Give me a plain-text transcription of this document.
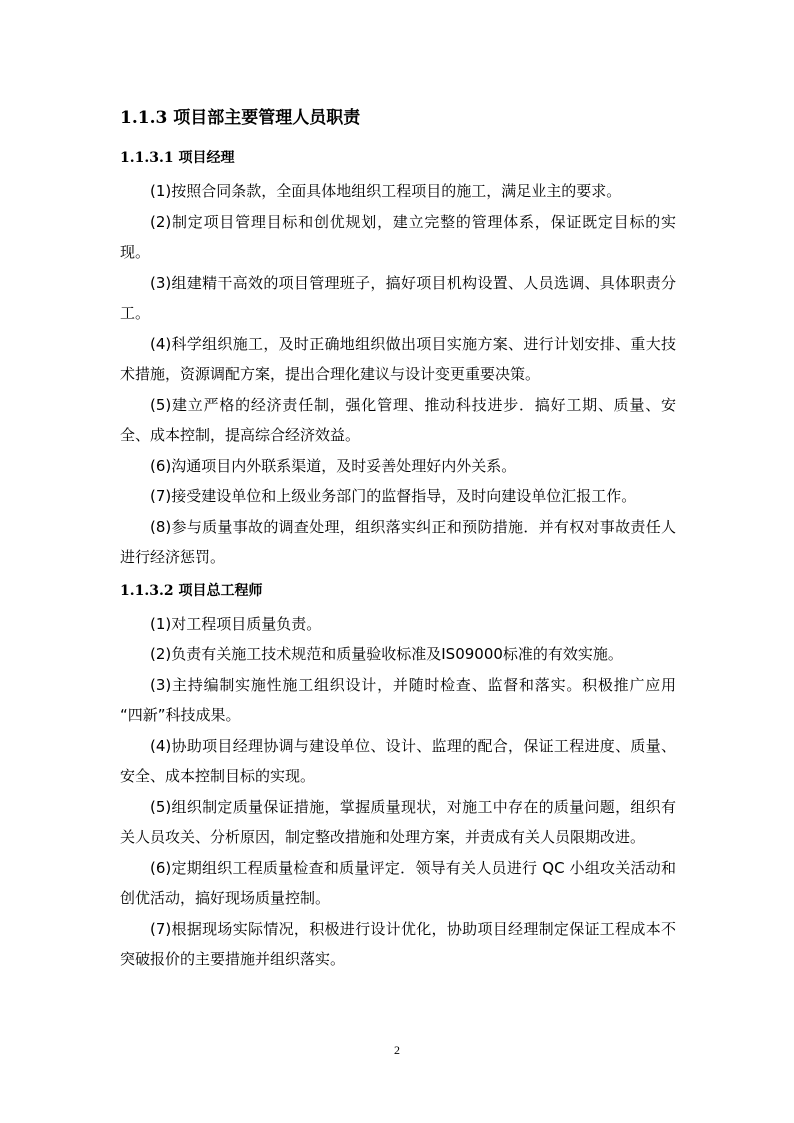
1.1.3 项目部主要管理人员职责
1.1.3.1 项目经理

(1)按照合同条款，全面具体地组织工程项目的施工，满足业主的要求。

(2)制定项目管理目标和创优规划，建立完整的管理体系，保证既定目标的实现。

(3)组建精干高效的项目管理班子，搞好项目机构设置、人员选调、具体职责分工。

(4)科学组织施工，及时正确地组织做出项目实施方案、进行计划安排、重大技术措施，资源调配方案，提出合理化建议与设计变更重要决策。

(5)建立严格的经济责任制，强化管理、推动科技进步．搞好工期、质量、安全、成本控制，提高综合经济效益。

(6)沟通项目内外联系渠道，及时妥善处理好内外关系。

(7)接受建设单位和上级业务部门的监督指导，及时向建设单位汇报工作。

(8)参与质量事故的调查处理，组织落实纠正和预防措施．并有权对事故责任人进行经济惩罚。

1.1.3.2 项目总工程师

(1)对工程项目质量负责。

(2)负责有关施工技术规范和质量验收标准及IS09000标准的有效实施。

(3)主持编制实施性施工组织设计，并随时检查、监督和落实。积极推广应用 “四新”科技成果。

(4)协助项目经理协调与建设单位、设计、监理的配合，保证工程进度、质量、安全、成本控制目标的实现。

(5)组织制定质量保证措施，掌握质量现状，对施工中存在的质量问题，组织有关人员攻关、分析原因，制定整改措施和处理方案，并责成有关人员限期改进。

(6)定期组织工程质量检查和质量评定．领导有关人员进行 QC 小组攻关活动和创优活动，搞好现场质量控制。

(7)根据现场实际情况，积极进行设计优化，协助项目经理制定保证工程成本不突破报价的主要措施并组织落实。

2
